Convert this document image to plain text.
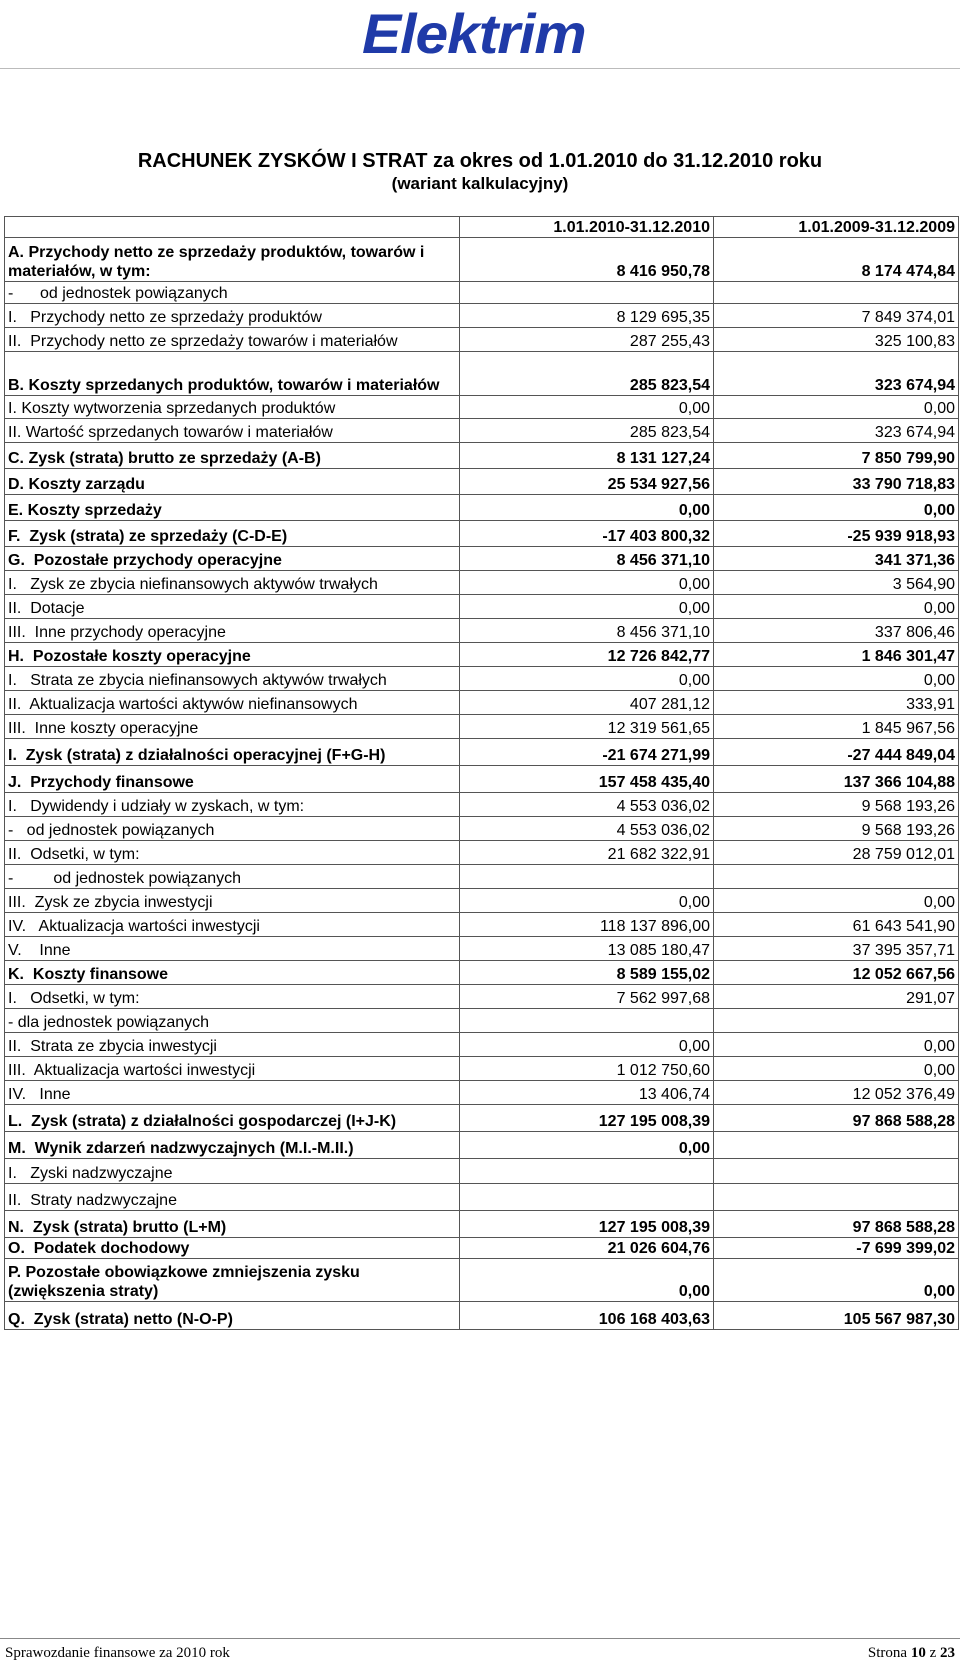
Elektrim
RACHUNEK ZYSKÓW I STRAT za okres od 1.01.2010 do 31.12.2010 roku
(wariant kalkulacyjny)
	1.01.2010-31.12.2010	1.01.2009-31.12.2009
A. Przychody netto ze sprzedaży produktów, towarów i materiałów, w tym:	8 416 950,78	8 174 474,84
-      od jednostek powiązanych		
I.   Przychody netto ze sprzedaży produktów	8 129 695,35	7 849 374,01
II.  Przychody netto ze sprzedaży towarów i materiałów	287 255,43	325 100,83
B. Koszty sprzedanych produktów, towarów i materiałów	285 823,54	323 674,94
I. Koszty wytworzenia sprzedanych produktów	0,00	0,00
II. Wartość sprzedanych towarów i materiałów	285 823,54	323 674,94
C. Zysk (strata) brutto ze sprzedaży (A-B)	8 131 127,24	7 850 799,90
D. Koszty zarządu	25 534 927,56	33 790 718,83
E. Koszty sprzedaży	0,00	0,00
F.  Zysk (strata) ze sprzedaży (C-D-E)	-17 403 800,32	-25 939 918,93
G.  Pozostałe przychody operacyjne	8 456 371,10	341 371,36
I.   Zysk ze zbycia niefinansowych aktywów trwałych	0,00	3 564,90
II.  Dotacje	0,00	0,00
III.  Inne przychody operacyjne	8 456 371,10	337 806,46
H.  Pozostałe koszty operacyjne	12 726 842,77	1 846 301,47
I.   Strata ze zbycia niefinansowych aktywów trwałych	0,00	0,00
II.  Aktualizacja wartości aktywów niefinansowych	407 281,12	333,91
III.  Inne koszty operacyjne	12 319 561,65	1 845 967,56
I.  Zysk (strata) z działalności operacyjnej (F+G-H)	-21 674 271,99	-27 444 849,04
J.  Przychody finansowe	157 458 435,40	137 366 104,88
I.   Dywidendy i udziały w zyskach, w tym:	4 553 036,02	9 568 193,26
-   od jednostek powiązanych	4 553 036,02	9 568 193,26
II.  Odsetki, w tym:	21 682 322,91	28 759 012,01
-         od jednostek powiązanych		
III.  Zysk ze zbycia inwestycji	0,00	0,00
IV.   Aktualizacja wartości inwestycji	118 137 896,00	61 643 541,90
V.    Inne	13 085 180,47	37 395 357,71
K.  Koszty finansowe	8 589 155,02	12 052 667,56
I.   Odsetki, w tym:	7 562 997,68	291,07
- dla jednostek powiązanych		
II.  Strata ze zbycia inwestycji	0,00	0,00
III.  Aktualizacja wartości inwestycji	1 012 750,60	0,00
IV.   Inne	13 406,74	12 052 376,49
L.  Zysk (strata) z działalności gospodarczej (I+J-K)	127 195 008,39	97 868 588,28
M.  Wynik zdarzeń nadzwyczajnych (M.I.-M.II.)	0,00	
I.   Zyski nadzwyczajne		
II.  Straty nadzwyczajne		
N.  Zysk (strata) brutto (L+M)	127 195 008,39	97 868 588,28
O.  Podatek dochodowy	21 026 604,76	-7 699 399,02
P. Pozostałe obowiązkowe zmniejszenia zysku (zwiększenia straty)	0,00	0,00
Q.  Zysk (strata) netto (N-O-P)	106 168 403,63	105 567 987,30
Sprawozdanie finansowe za 2010 rok	Strona 10 z 23
